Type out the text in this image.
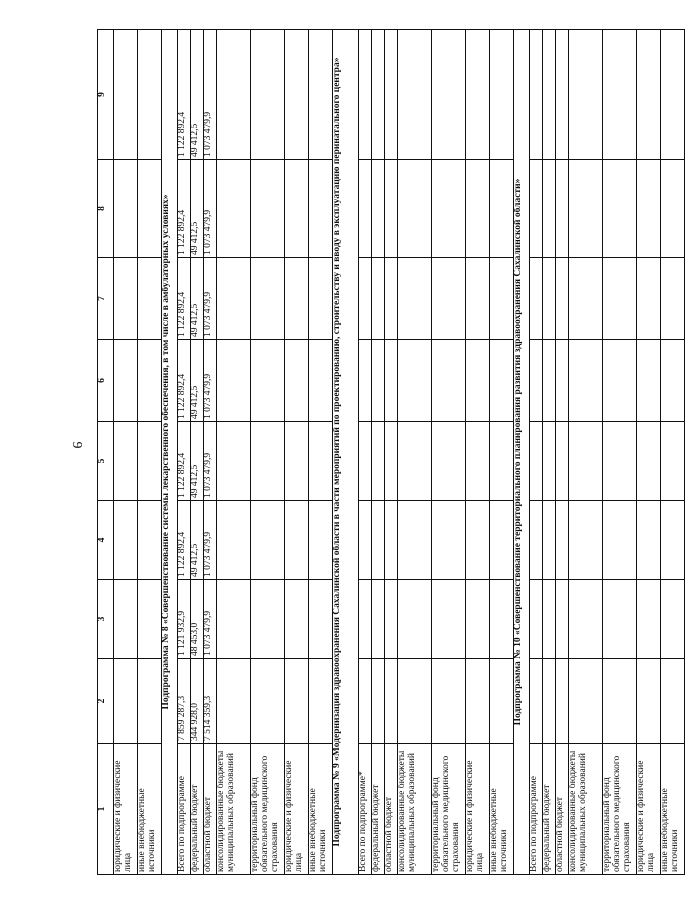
9
1	2	3	4	5	6	7	8	9
юридические и физические лица								
иные внебюджетные источники								
Подпрограмма № 8 «Совершенствование системы лекарственного обеспечения, в том числе в амбулаторных условиях»								
Всего по подпрограмме	7 859 287,3	1 121 932,9	1 122 892,4	1 122 892,4	1 122 892,4	1 122 892,4	1 122 892,4	1 122 892,4
федеральный бюджет	344 928,0	48 453,0	49 412,5	49 412,5	49 412,5	49 412,5	49 412,5	49 412,5
областной бюджет	7 514 359,3	1 073 479,9	1 073 479,9	1 073 479,9	1 073 479,9	1 073 479,9	1 073 479,9	1 073 479,9
консолидированные бюджеты муниципальных образований								
территориальный фонд обязательного медицинского страхования								
юридические и физические лица								
иные внебюджетные источники								
Подпрограмма № 9 «Модернизация здравоохранения Сахалинской области в части мероприятий по проектированию, строительству и вводу в эксплуатацию перинатального центра»								
Всего по подпрограмме*								
федеральный бюджет								
областной бюджет								
консолидированные бюджеты муниципальных образований								
территориальный фонд обязательного медицинского страхования								
юридические и физические лица								
иные внебюджетные источники								
Подпрограмма № 10 «Совершенствование территориального планирования развития здравоохранения Сахалинской области»								
Всего по подпрограмме								
федеральный бюджет								
областной бюджет								
консолидированные бюджеты муниципальных образований								
территориальный фонд обязательного медицинского страхования								
юридические и физические лица								
иные внебюджетные источники								
